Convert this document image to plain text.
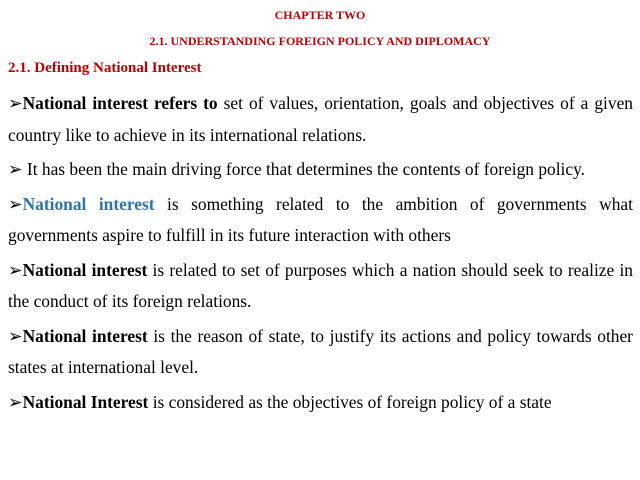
CHAPTER TWO
2.1. UNDERSTANDING FOREIGN POLICY AND DIPLOMACY
2.1. Defining National Interest

➢National interest refers to set of values, orientation, goals and objectives of a given country like to achieve in its international relations.

➢ It has been the main driving force that determines the contents of foreign policy.

➢National interest is something related to the ambition of governments what governments aspire to fulfill in its future interaction with others

➢National interest is related to set of purposes which a nation should seek to realize in the conduct of its foreign relations.

➢National interest is the reason of state, to justify its actions and policy towards other states at international level.

➢National Interest is considered as the objectives of foreign policy of a state
